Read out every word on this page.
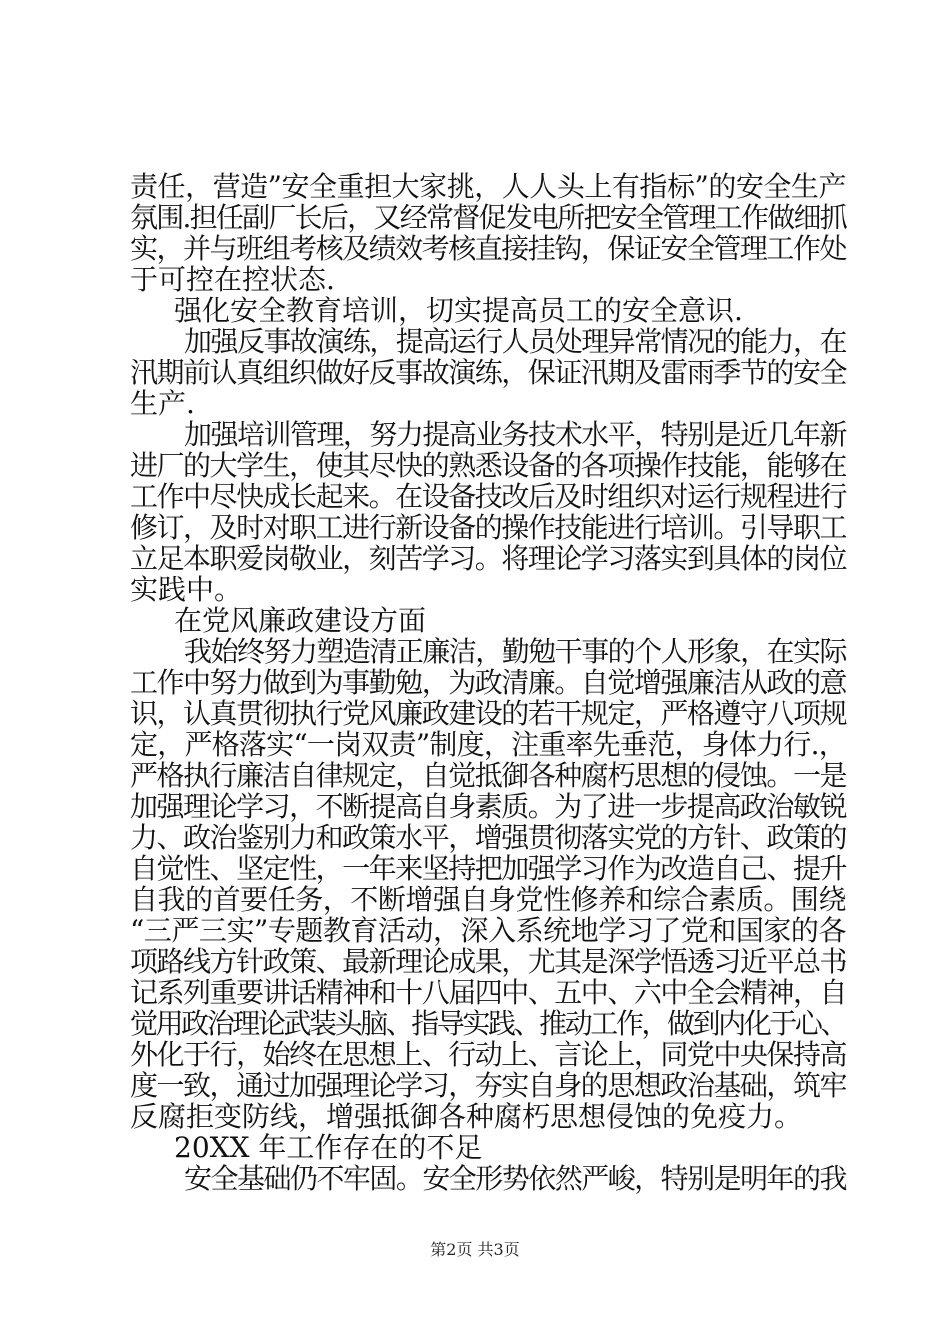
责任，营造”安全重担大家挑，人人头上有指标”的安全生产

氛围.担任副厂长后，又经常督促发电所把安全管理工作做细抓

实，并与班组考核及绩效考核直接挂钩，保证安全管理工作处

于可控在控状态.

强化安全教育培训，切实提高员工的安全意识.

加强反事故演练，提高运行人员处理异常情况的能力，在

汛期前认真组织做好反事故演练，保证汛期及雷雨季节的安全

生产.

加强培训管理，努力提高业务技术水平，特别是近几年新

进厂的大学生，使其尽快的熟悉设备的各项操作技能，能够在

工作中尽快成长起来。在设备技改后及时组织对运行规程进行

修订，及时对职工进行新设备的操作技能进行培训。引导职工

立足本职爱岗敬业，刻苦学习。将理论学习落实到具体的岗位

实践中。

在党风廉政建设方面

我始终努力塑造清正廉洁，勤勉干事的个人形象，在实际

工作中努力做到为事勤勉，为政清廉。自觉增强廉洁从政的意

识，认真贯彻执行党风廉政建设的若干规定，严格遵守八项规

定，严格落实“一岗双责”制度，注重率先垂范，身体力行.，

严格执行廉洁自律规定，自觉抵御各种腐朽思想的侵蚀。一是

加强理论学习，不断提高自身素质。为了进一步提高政治敏锐

力、政治鉴别力和政策水平，增强贯彻落实党的方针、政策的

自觉性、坚定性，一年来坚持把加强学习作为改造自己、提升

自我的首要任务，不断增强自身党性修养和综合素质。围绕

“三严三实”专题教育活动，深入系统地学习了党和国家的各

项路线方针政策、最新理论成果，尤其是深学悟透习近平总书

记系列重要讲话精神和十八届四中、五中、六中全会精神，自

觉用政治理论武装头脑、指导实践、推动工作，做到内化于心、

外化于行，始终在思想上、行动上、言论上，同党中央保持高

度一致，通过加强理论学习，夯实自身的思想政治基础，筑牢

反腐拒变防线，增强抵御各种腐朽思想侵蚀的免疫力。

20XX 年工作存在的不足

安全基础仍不牢固。安全形势依然严峻，特别是明年的我

第2页 共3页
